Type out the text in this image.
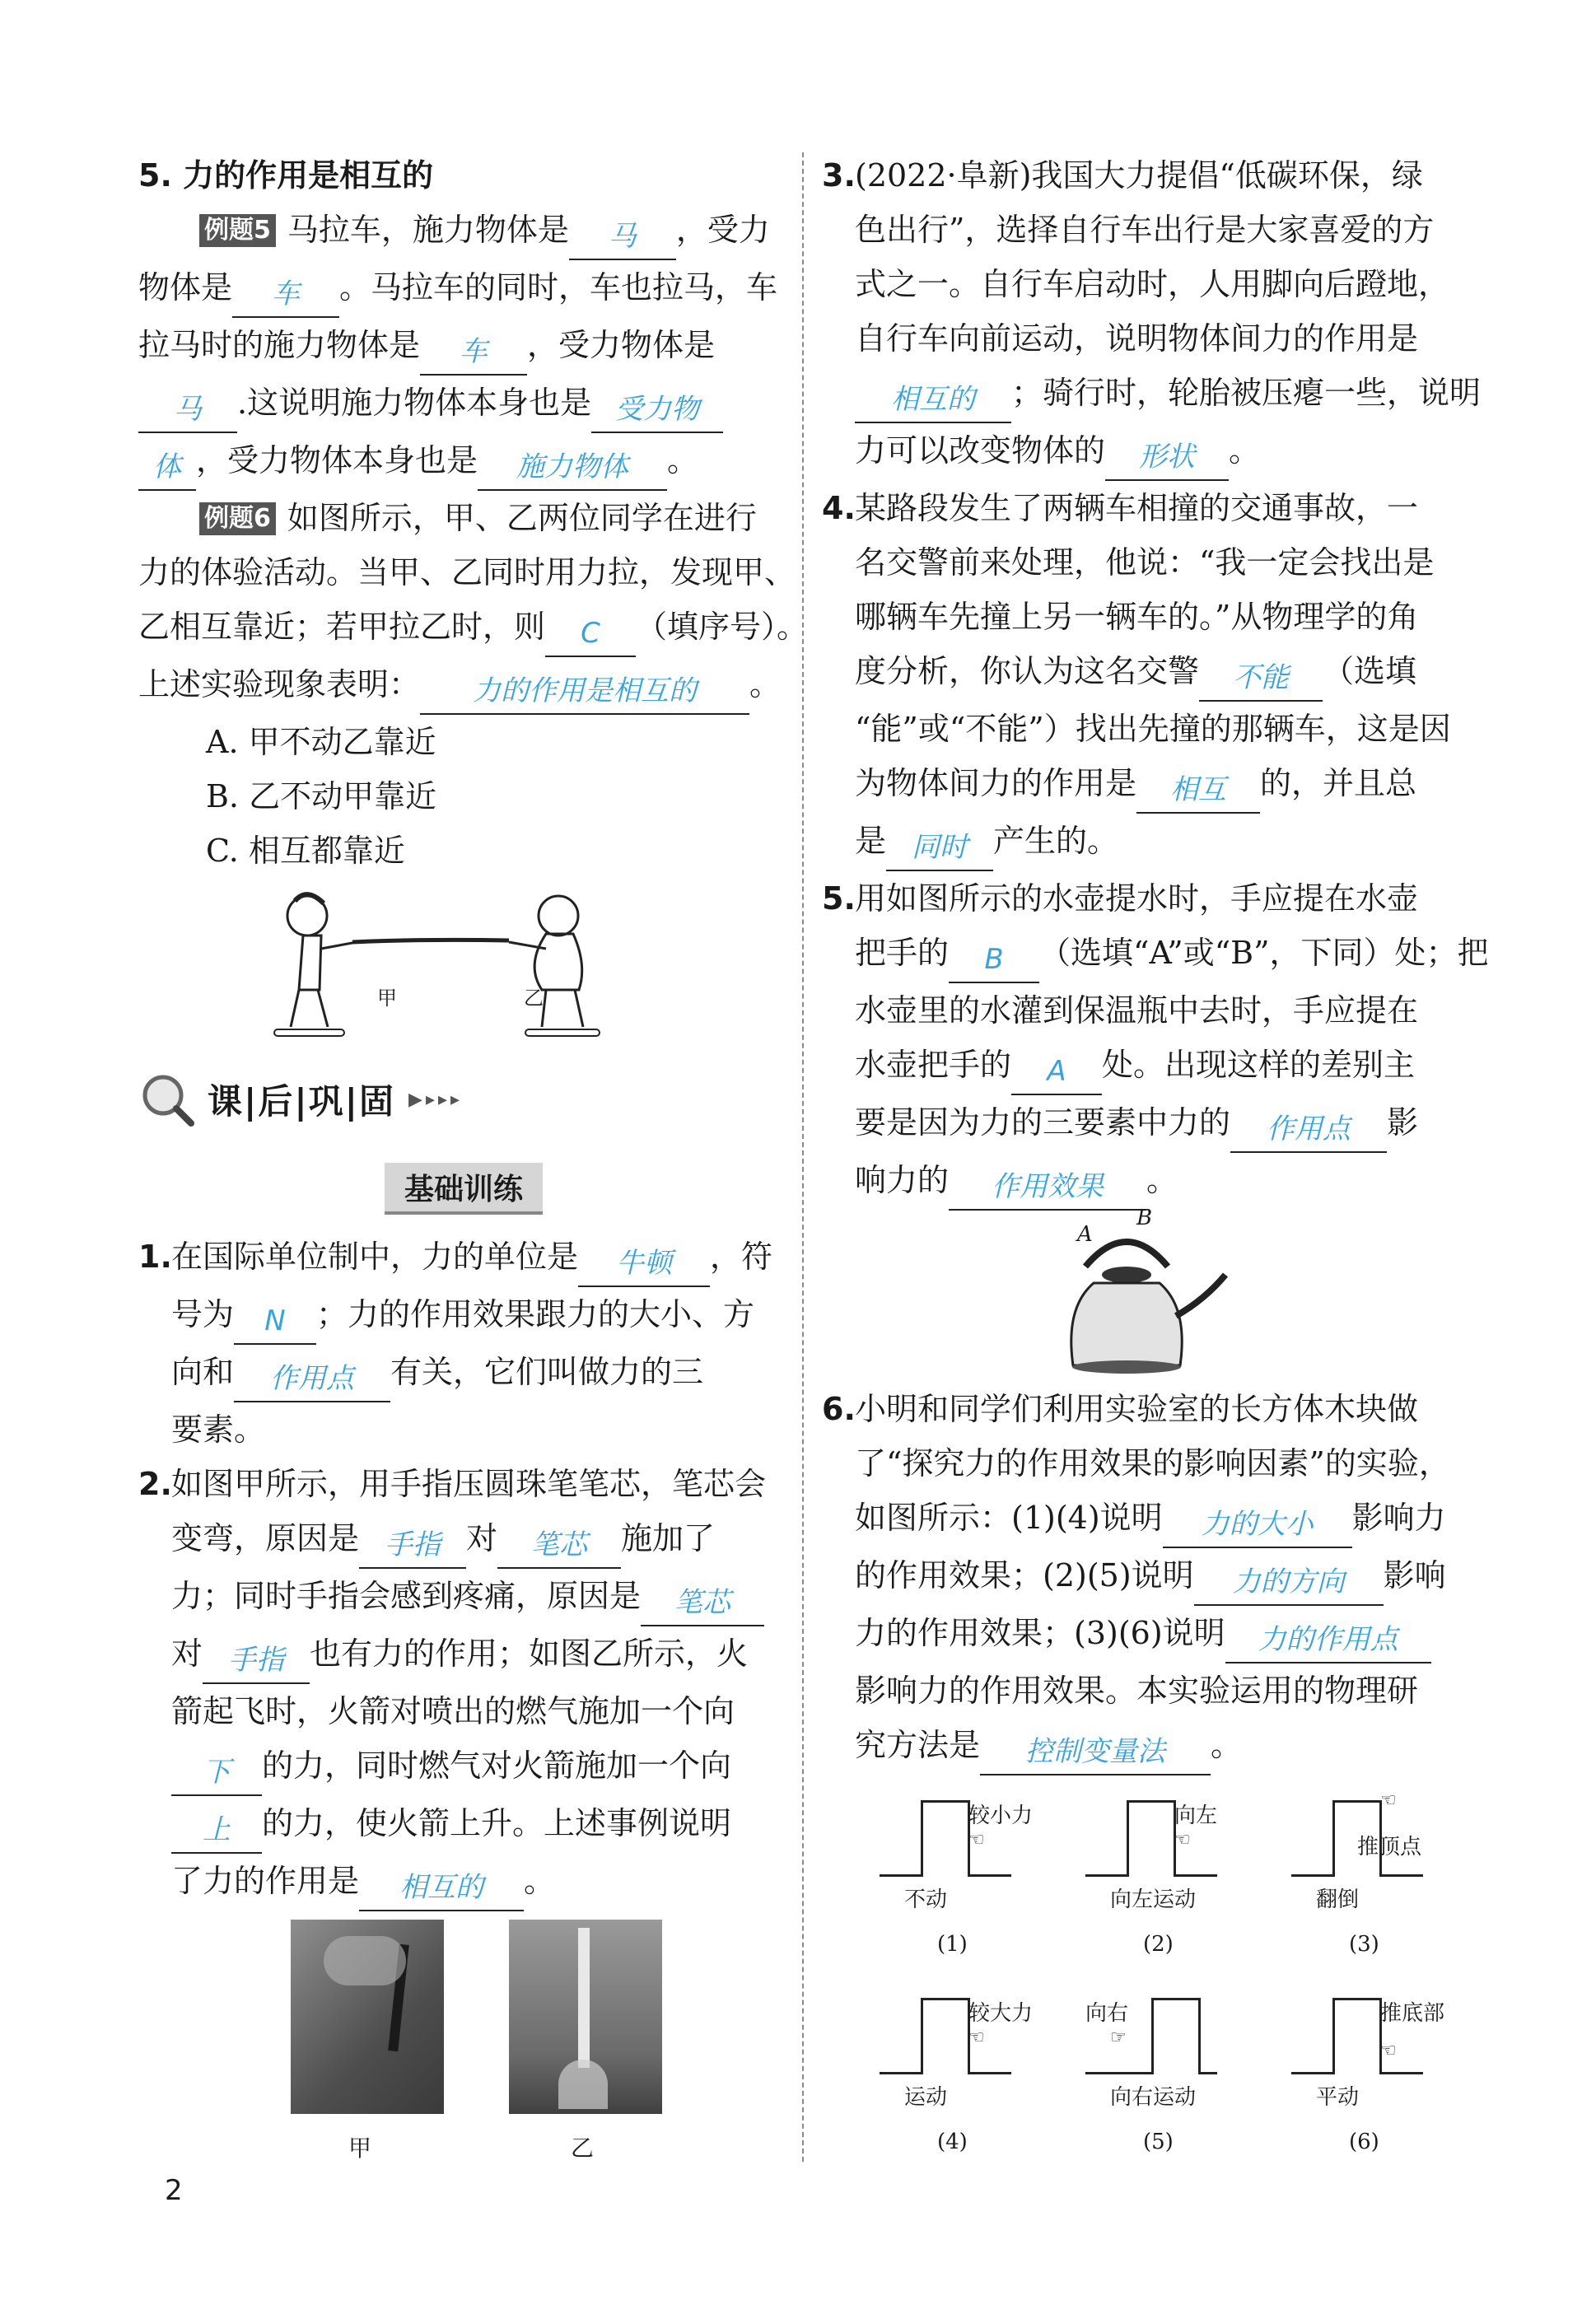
5. 力的作用是相互的
例题5 马拉车，施力物体是 马 ，受力
物体是 车 。马拉车的同时，车也拉马，车
拉马时的施力物体是 车 ，受力物体是
马 .这说明施力物体本身也是 受力物
体 ，受力物体本身也是 施力物体 。
例题6 如图所示，甲、乙两位同学在进行
力的体验活动。当甲、乙同时用力拉，发现甲、
乙相互靠近；若甲拉乙时，则 C （填序号）。
上述实验现象表明： 力的作用是相互的 。
A. 甲不动乙靠近
B. 乙不动甲靠近
C. 相互都靠近
甲	乙
课|后|巩|固 ▶▸▸▸
基础训练
1.在国际单位制中，力的单位是 牛顿 ，符
号为 N ；力的作用效果跟力的大小、方
向和 作用点 有关，它们叫做力的三
要素。
2.如图甲所示，用手指压圆珠笔笔芯，笔芯会
变弯，原因是 手指 对 笔芯 施加了
力；同时手指会感到疼痛，原因是 笔芯
对 手指 也有力的作用；如图乙所示，火
箭起飞时，火箭对喷出的燃气施加一个向
下 的力，同时燃气对火箭施加一个向
上 的力，使火箭上升。上述事例说明
了力的作用是 相互的 。
甲	乙
3.(2022·阜新)我国大力提倡“低碳环保，绿
色出行”，选择自行车出行是大家喜爱的方
式之一。自行车启动时，人用脚向后蹬地，
自行车向前运动，说明物体间力的作用是
相互的 ；骑行时，轮胎被压瘪一些，说明
力可以改变物体的 形状 。
4.某路段发生了两辆车相撞的交通事故，一
名交警前来处理，他说：“我一定会找出是
哪辆车先撞上另一辆车的。”从物理学的角
度分析，你认为这名交警 不能 （选填
“能”或“不能”）找出先撞的那辆车，这是因
为物体间力的作用是 相互 的，并且总
是 同时 产生的。
5.用如图所示的水壶提水时，手应提在水壶
把手的 B （选填“A”或“B”，下同）处；把
水壶里的水灌到保温瓶中去时，手应提在
水壶把手的 A 处。出现这样的差别主
要是因为力的三要素中力的 作用点 影
响力的 作用效果 。
A
B
6.小明和同学们利用实验室的长方体木块做
了“探究力的作用效果的影响因素”的实验，
如图所示：(1)(4)说明 力的大小 影响力
的作用效果；(2)(5)说明 力的方向 影响
力的作用效果；(3)(6)说明 力的作用点
影响力的作用效果。本实验运用的物理研
究方法是 控制变量法 。
较小力
☜
不动
(1)
向左
☜
向左运动
(2)
☜
推顶点
翻倒
(3)
较大力
☜
运动
(4)
向右
☞
向右运动
(5)
推底部
☜
平动
(6)
2
